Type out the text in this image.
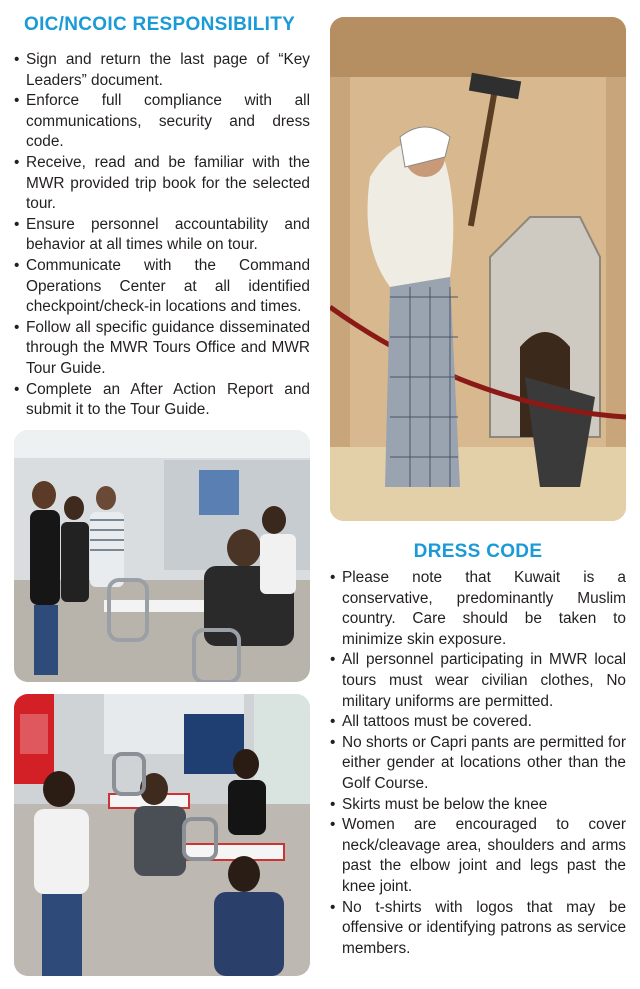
OIC/NCOIC RESPONSIBILITY
• Sign and return the last page of “Key Leaders” document.
• Enforce full compliance with all communications, security and dress code.
• Receive, read and be familiar with the MWR provided trip book for the selected tour.
• Ensure personnel accountability and behavior at all times while on tour.
• Communicate with the Command Operations Center at all identified checkpoint/check-in locations and times.
• Follow all specific guidance disseminated through the MWR Tours Office and MWR Tour Guide.
• Complete an After Action Report and submit it to the Tour Guide.
DRESS CODE
• Please note that Kuwait is a conservative, predominantly Muslim country. Care should be taken to minimize skin exposure.
• All personnel participating in MWR local tours must wear civilian clothes, No military uniforms are permitted.
• All tattoos must be covered.
• No shorts or Capri pants are permitted for either gender at locations other than the Golf Course.
• Skirts must be below the knee
• Women are encouraged to cover neck/cleavage area, shoulders and arms past the elbow joint and legs past the knee joint.
• No t-shirts with logos that may be offensive or identifying patrons as service members.
